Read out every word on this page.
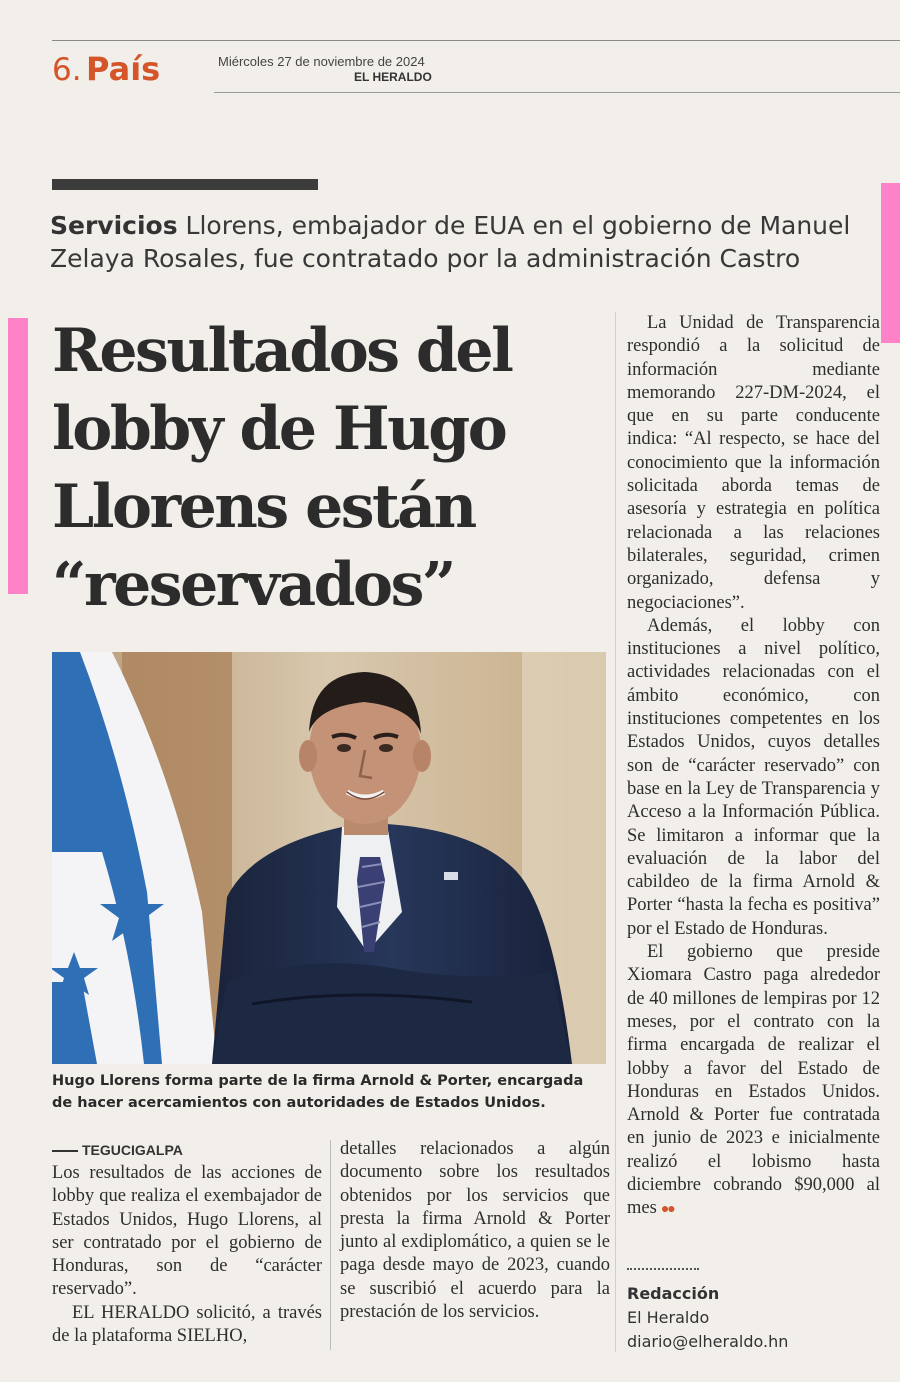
6. País	Miércoles 27 de noviembre de 2024
EL HERALDO
Servicios Llorens, embajador de EUA en el gobierno de Manuel Zelaya Rosales, fue contratado por la administración Castro
Resultados del
lobby de Hugo
Llorens están
“reservados”
Hugo Llorens forma parte de la firma Arnold & Porter, encargada de hacer acercamientos con autoridades de Estados Unidos.
TEGUCIGALPA

Los resultados de las acciones de lobby que realiza el exembajador de Estados Unidos, Hugo Llorens, al ser contratado por el gobierno de Honduras, son de “carácter reservado”.

EL HERALDO solicitó, a través de la plataforma SIELHO,

detalles relacionados a algún documento sobre los resultados obtenidos por los servicios que presta la firma Arnold & Porter junto al exdiplomático, a quien se le paga desde mayo de 2023, cuando se suscribió el acuerdo para la prestación de los servicios.

La Unidad de Transparencia respondió a la solicitud de información mediante memorando 227-DM-2024, el que en su parte conducente indica: “Al respecto, se hace del conocimiento que la información solicitada aborda temas de asesoría y estrategia en política relacionada a las relaciones bilaterales, seguridad, crimen organizado, defensa y negociaciones”.

Además, el lobby con instituciones a nivel político, actividades relacionadas con el ámbito económico, con instituciones competentes en los Estados Unidos, cuyos detalles son de “carácter reservado” con base en la Ley de Transparencia y Acceso a la Información Pública. Se limitaron a informar que la evaluación de la labor del cabildeo de la firma Arnold & Porter “hasta la fecha es positiva” por el Estado de Honduras.

El gobierno que preside Xiomara Castro paga alrededor de 40 millones de lempiras por 12 meses, por el contrato con la firma encargada de realizar el lobby a favor del Estado de Honduras en Estados Unidos. Arnold & Porter fue contratada en junio de 2023 e inicialmente realizó el lobismo hasta diciembre cobrando $90,000 al mes ●●

Redacción
El Heraldo
diario@elheraldo.hn
